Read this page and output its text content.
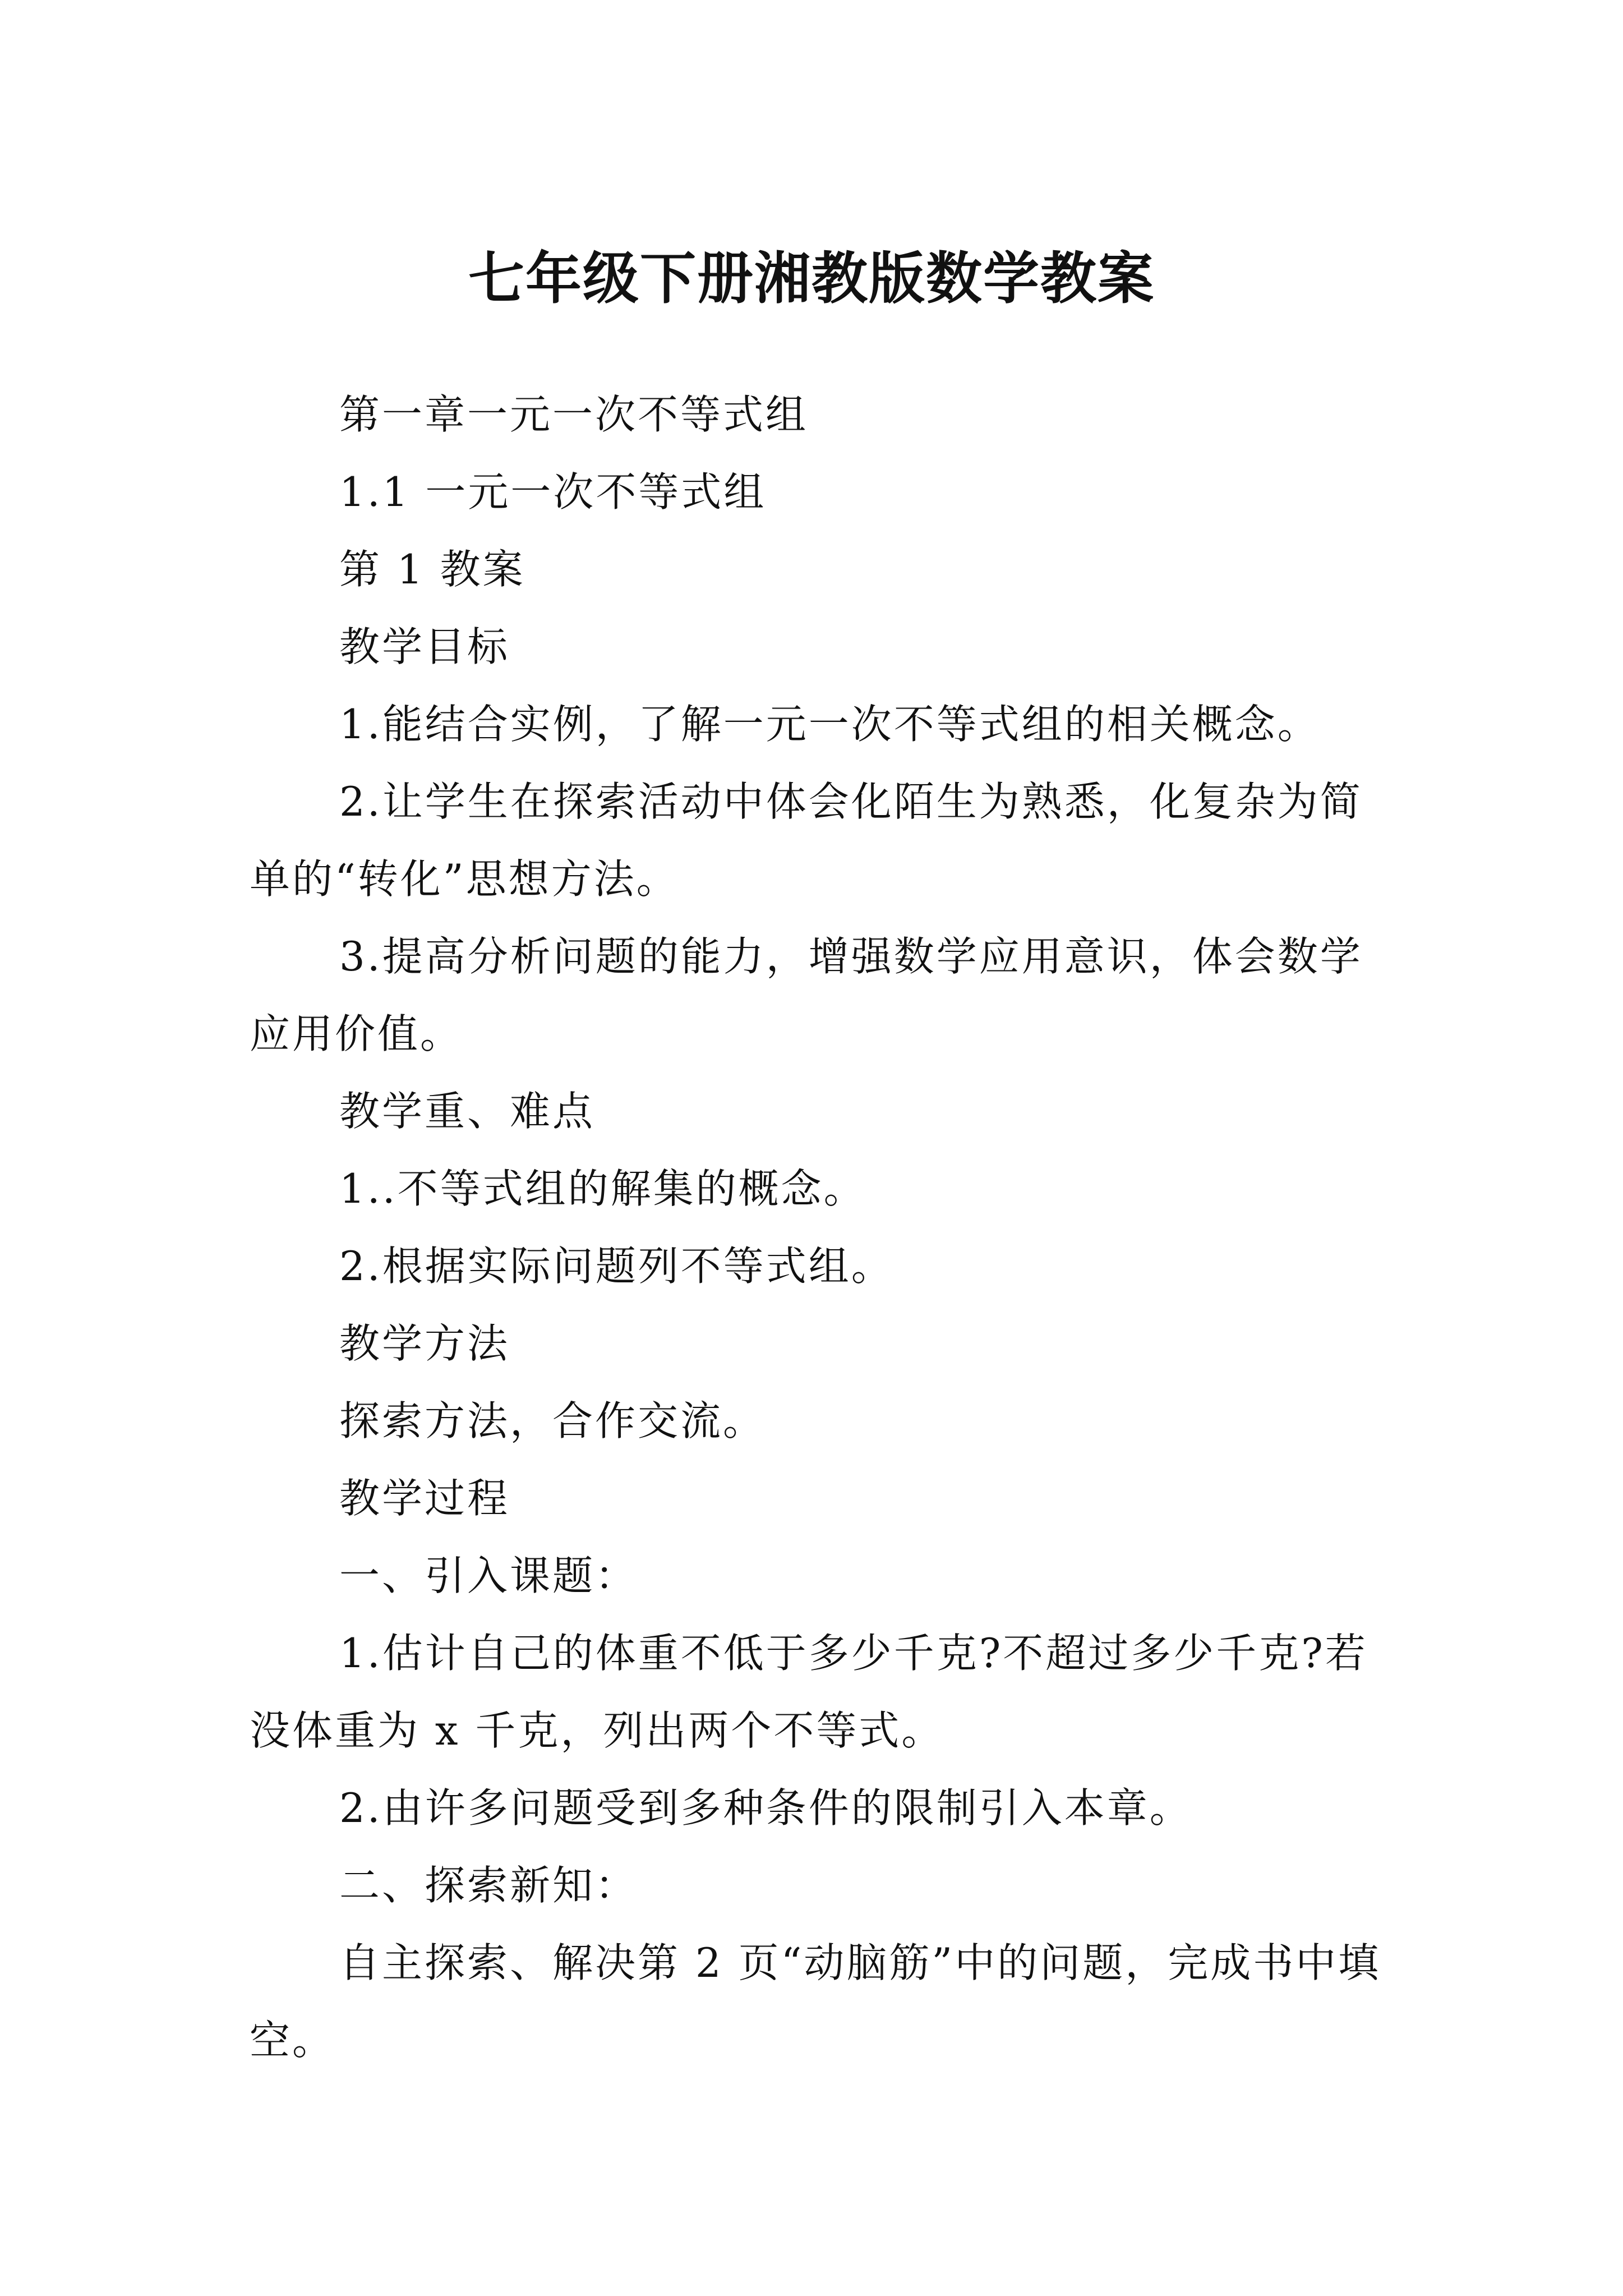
七年级下册湘教版数学教案

第一章一元一次不等式组

1.1 一元一次不等式组

第 1 教案

教学目标

1.能结合实例，了解一元一次不等式组的相关概念。

2.让学生在探索活动中体会化陌生为熟悉，化复杂为简单的“转化”思想方法。

3.提高分析问题的能力，增强数学应用意识，体会数学应用价值。

教学重、难点

1..不等式组的解集的概念。

2.根据实际问题列不等式组。

教学方法

探索方法，合作交流。

教学过程

一、引入课题：

1.估计自己的体重不低于多少千克?不超过多少千克?若没体重为 x 千克，列出两个不等式。

2.由许多问题受到多种条件的限制引入本章。

二、探索新知：

自主探索、解决第 2 页“动脑筋”中的问题，完成书中填空。
